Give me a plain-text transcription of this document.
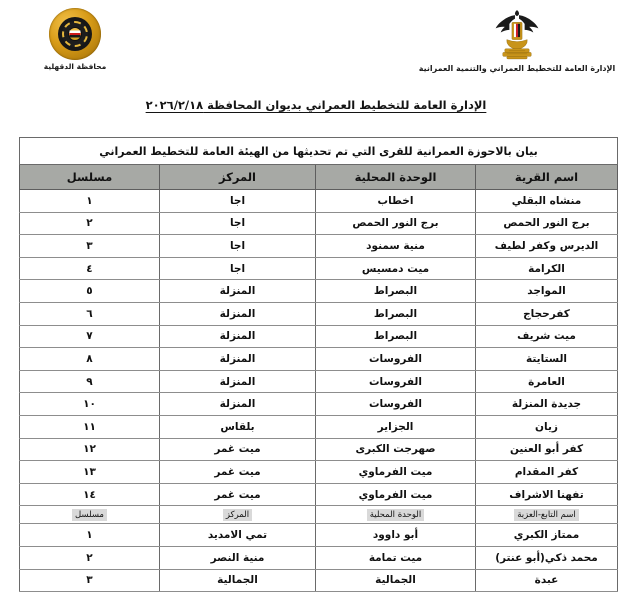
محافظة الدقهلية	الإدارة العامة للتخطيط العمراني والتنمية العمرانية
الإدارة العامة للتخطيط العمراني بديوان المحافظة ٢٠٢٦/٢/١٨
بيان بالاحوزة العمرانية للقرى التي تم تحديثها من الهيئة العامة للتخطيط العمراني			
اسم القرية	الوحدة المحلية	المركز	مسلسل
منشاه البقلي	اخطاب	اجا	١
برج النور الحمص	برج النور الحمص	اجا	٢
الديرس وكفر لطيف	منية سمنود	اجا	٣
الكرامة	ميت دمسيس	اجا	٤
المواجد	البصراط	المنزلة	٥
كفرحجاج	البصراط	المنزلة	٦
ميت شريف	البصراط	المنزلة	٧
الستايتة	الفروسات	المنزلة	٨
العامرة	الفروسات	المنزلة	٩
جديدة المنزلة	الفروسات	المنزلة	١٠
زيان	الجزاير	بلقاس	١١
كفر أبو العنين	صهرجت الكبرى	ميت غمر	١٢
كفر المقدام	ميت الفرماوي	ميت غمر	١٣
تفهنا الاشراف	ميت الفرماوي	ميت غمر	١٤
اسم التابع-العزبة	الوحدة المحلية	المركز	مسلسل
ممتاز الكبري	أبو داوود	تمي الامديد	١
محمد ذكي(أبو عنتر)	ميت تمامة	منية النصر	٢
عبدة	الجمالية	الجمالية	٣
